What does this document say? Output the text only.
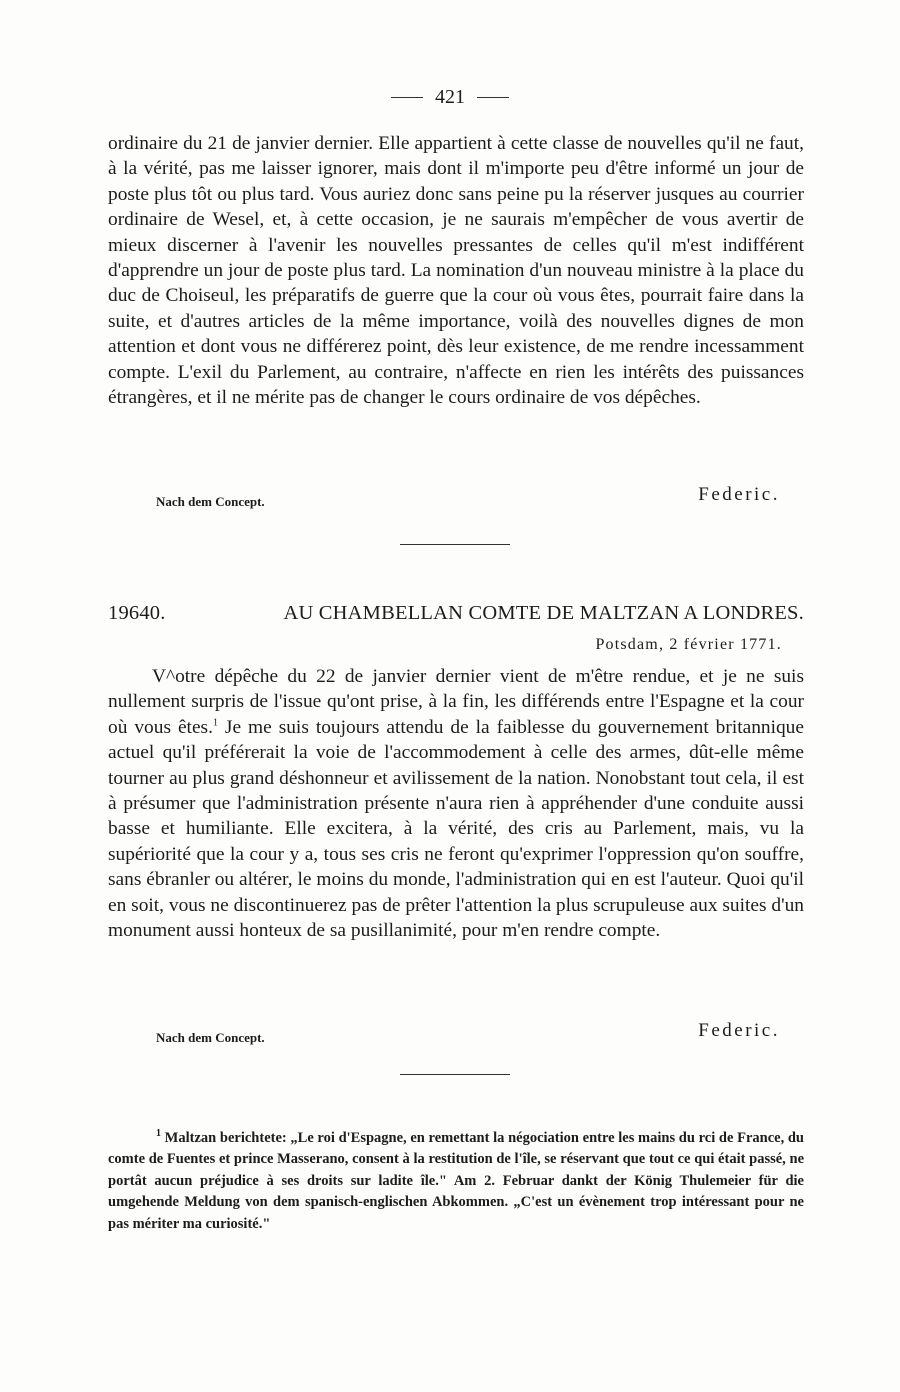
421

ordinaire du 21 de janvier dernier. Elle appartient à cette classe de nouvelles qu'il ne faut, à la vérité, pas me laisser ignorer, mais dont il m'importe peu d'être informé un jour de poste plus tôt ou plus tard. Vous auriez donc sans peine pu la réserver jusques au courrier ordinaire de Wesel, et, à cette occasion, je ne saurais m'empêcher de vous avertir de mieux discerner à l'avenir les nouvelles pressantes de celles qu'il m'est indifférent d'apprendre un jour de poste plus tard. La nomination d'un nouveau ministre à la place du duc de Choiseul, les préparatifs de guerre que la cour où vous êtes, pourrait faire dans la suite, et d'autres articles de la même importance, voilà des nouvelles dignes de mon attention et dont vous ne différerez point, dès leur existence, de me rendre incessamment compte. L'exil du Parlement, au contraire, n'affecte en rien les intérêts des puissances étrangères, et il ne mérite pas de changer le cours ordinaire de vos dépêches.

Nach dem Concept.	Federic.
19640.	AU CHAMBELLAN COMTE DE MALTZAN A LONDRES.
Potsdam, 2 février 1771.

V^otre dépêche du 22 de janvier dernier vient de m'être rendue, et je ne suis nullement surpris de l'issue qu'ont prise, à la fin, les différends entre l'Espagne et la cour où vous êtes.$^1$ Je me suis toujours attendu de la faiblesse du gouvernement britannique actuel qu'il préférerait la voie de l'accommodement à celle des armes, dût-elle même tourner au plus grand déshonneur et avilissement de la nation. Nonobstant tout cela, il est à présumer que l'administration présente n'aura rien à appréhender d'une conduite aussi basse et humiliante. Elle excitera, à la vérité, des cris au Parlement, mais, vu la supériorité que la cour y a, tous ses cris ne feront qu'exprimer l'oppression qu'on souffre, sans ébranler ou altérer, le moins du monde, l'administration qui en est l'auteur. Quoi qu'il en soit, vous ne discontinuerez pas de prêter l'attention la plus scrupuleuse aux suites d'un monument aussi honteux de sa pusillanimité, pour m'en rendre compte.

Nach dem Concept.	Federic.

$^1$ Maltzan berichtete: „Le roi d'Espagne, en remettant la négociation entre les mains du rci de France, du comte de Fuentes et prince Masserano, consent à la restitution de l'île, se réservant que tout ce qui était passé, ne portât aucun préjudice à ses droits sur ladite île." Am 2. Februar dankt der König Thulemeier für die umgehende Meldung von dem spanisch-englischen Abkommen. „C'est un évènement trop intéressant pour ne pas mériter ma curiosité."
